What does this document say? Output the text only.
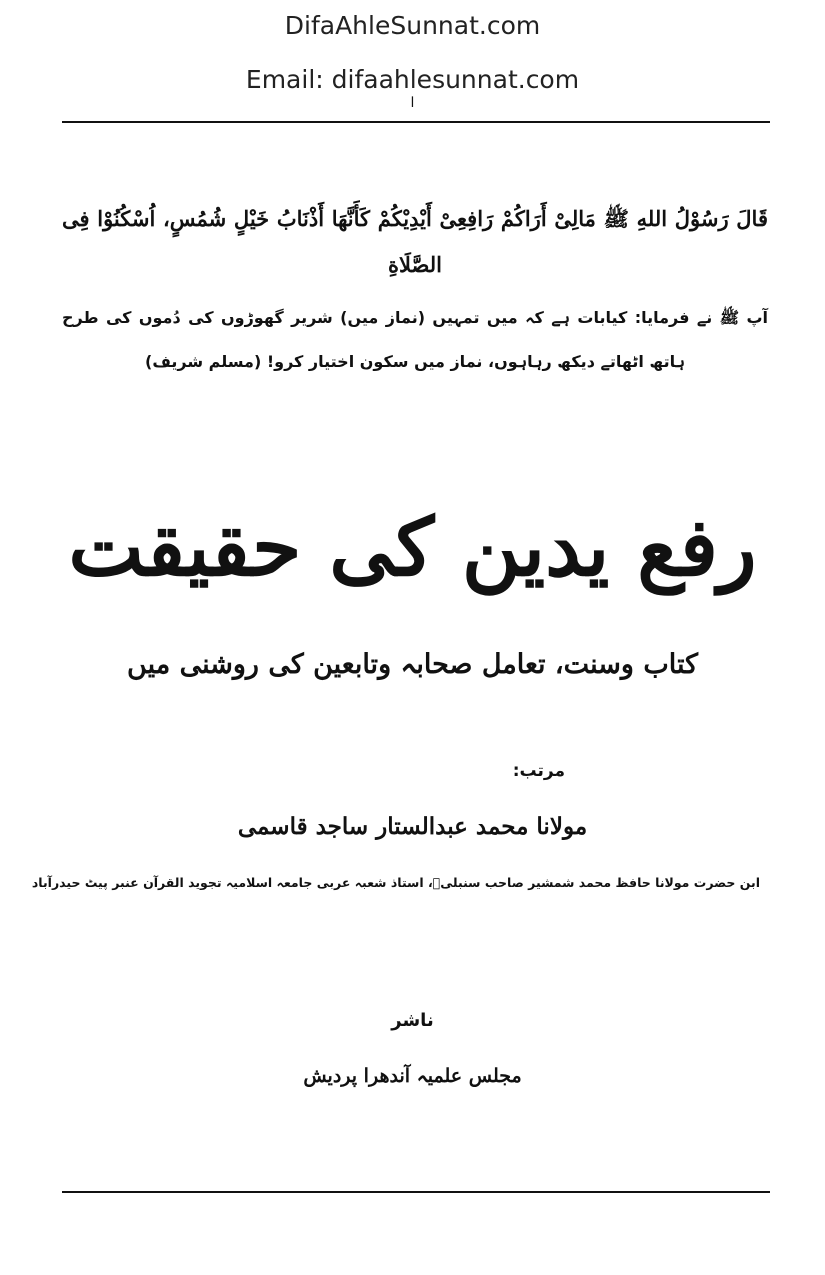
DifaAhleSunnat.com
Email: difaahlesunnat.com
ا
قَالَ رَسُوْلُ اللهِ ﷺ مَالِیْ أَرَاکُمْ رَافِعِیْ أَیْدِیْکُمْ کَأَنَّهَا أَذْنَابُ خَیْلٍ شُمُسٍ، اُسْکُنُوْا فِی الصَّلَاةِ
آپ ﷺ نے فرمایا: کیابات ہے کہ میں تمہیں (نماز میں) شریر گھوڑوں کی دُموں کی طرح ہاتھ اٹھاتے دیکھ رہاہوں، نماز میں سکون اختیار کرو! (مسلم شریف)
رفع یدین کی حقیقت
کتاب وسنت، تعامل صحابہ وتابعین کی روشنی میں
مرتب:
مولانا محمد عبدالستار ساجد قاسمی
ابن حضرت مولانا حافظ محمد شمشیر صاحب سنبلیؒ، استاذ شعبہ عربی جامعہ اسلامیہ تجوید القرآن عنبر پیٹ حیدرآباد
ناشر
مجلس علمیہ آندھرا پردیش
